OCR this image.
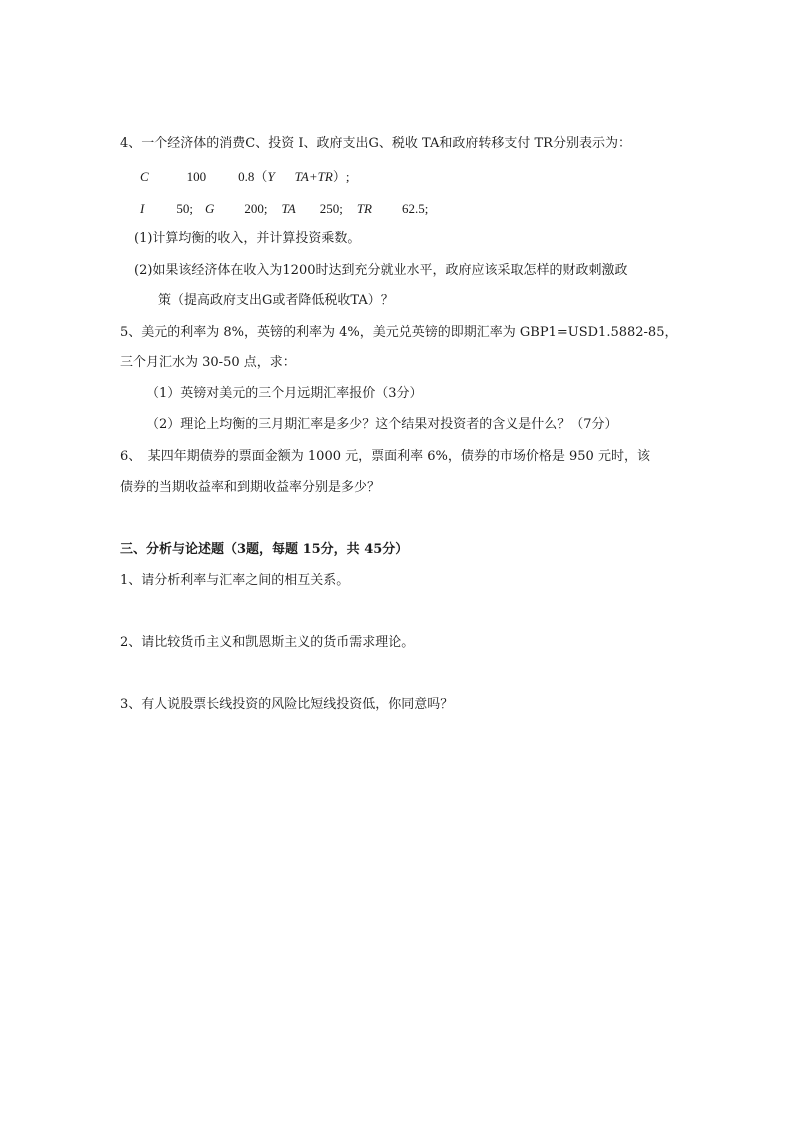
4、一个经济体的消费C、投资 I、政府支出G、税收 TA和政府转移支付 TR分别表示为：
C	100 0.8（Y TA+TR）;
I 50; G 200; TA 250; TR 62.5;
(1)计算均衡的收入，并计算投资乘数。
(2)如果该经济体在收入为1200时达到充分就业水平，政府应该采取怎样的财政刺激政
策（提高政府支出G或者降低税收TA）？
5、美元的利率为 8%，英镑的利率为 4%，美元兑英镑的即期汇率为 GBP1=USD1.5882-85，
三个月汇水为 30-50 点，求：
（1）英镑对美元的三个月远期汇率报价（3分）
（2）理论上均衡的三月期汇率是多少？这个结果对投资者的含义是什么？（7分）
6、　某四年期债券的票面金额为 1000 元，票面利率 6%，债券的市场价格是 950 元时，该
债券的当期收益率和到期收益率分别是多少？
三、分析与论述题（3题，每题 15分，共 45分）
1、请分析利率与汇率之间的相互关系。
2、请比较货币主义和凯恩斯主义的货币需求理论。
3、有人说股票长线投资的风险比短线投资低，你同意吗？
